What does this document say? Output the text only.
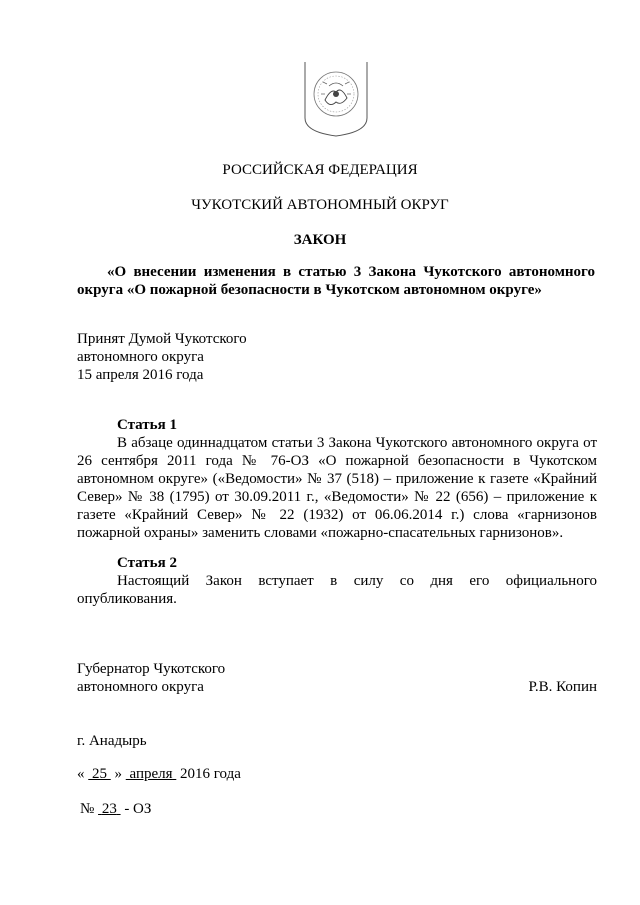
РОССИЙСКАЯ ФЕДЕРАЦИЯ
ЧУКОТСКИЙ АВТОНОМНЫЙ ОКРУГ
ЗАКОН
«О внесении изменения в статью 3 Закона Чукотского автономного округа «О пожарной безопасности в Чукотском автономном округе»
Принят Думой Чукотского
автономного округа
15 апреля 2016 года
Статья 1
В абзаце одиннадцатом статьи 3 Закона Чукотского автономного округа от 26 сентября 2011 года № 76-ОЗ «О пожарной безопасности в Чукотском автономном округе» («Ведомости» № 37 (518) – приложение к газете «Крайний Север» № 38 (1795) от 30.09.2011 г., «Ведомости» № 22 (656) – приложение к газете «Крайний Север» № 22 (1932) от 06.06.2014 г.) слова «гарнизонов пожарной охраны» заменить словами «пожарно-спасательных гарнизонов».
Статья 2
Настоящий Закон вступает в силу со дня его официального
опубликования.
Губернатор Чукотского
автономного округа	Р.В. Копин
г. Анадырь
« 25 » апреля 2016 года
№ 23 - ОЗ
